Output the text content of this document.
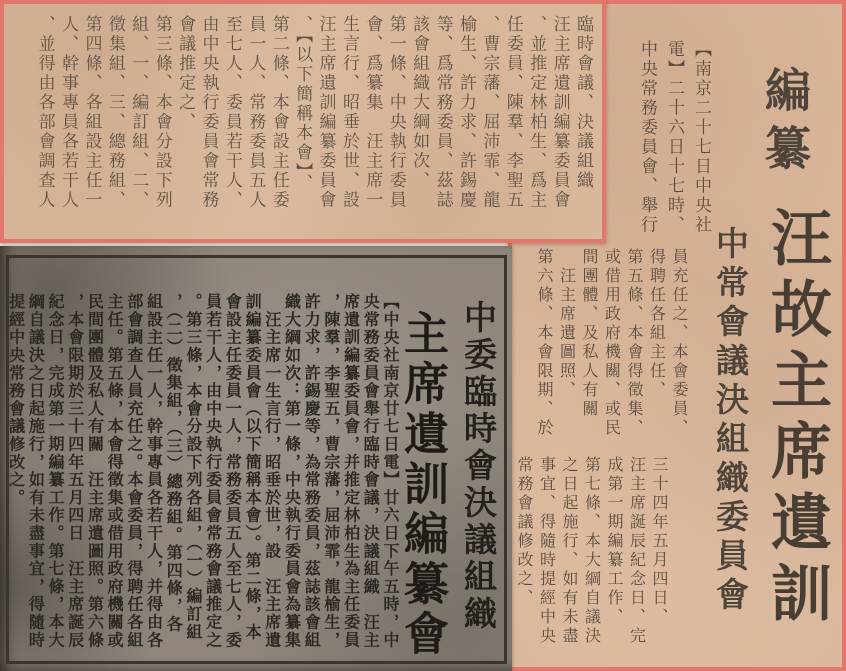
臨時會議、決議組織
汪主席遺訓編纂委員會
、並推定林柏生、爲主
任委員、陳羣、李聖五
、曹宗藩、屈沛霏、龍
榆生、許力求、許錫慶
等、爲常務委員、茲誌
該會組織大綱如次、
第一條、中央執行委員
會、爲纂集　汪主席一
生言行、昭垂於世、設
汪主席遺訓編纂委員會
、【以下簡稱本會】、
第二條、本會設主任委
員一人、常務委員五人
至七人、委員若干人、
由中央執行委員會常務
會議推定之、
第三條、本會分設下列
組、一、編訂組、二、
徵集組、三、總務組、
第四條、各組設主任一
人、幹事專員各若干人
、並得由各部會調查人	編纂
汪故主席遺訓
中常會議決組織委員會
【南京二十七日中央社
電】二十六日十七時、
中央常務委員會、舉行
員充任之、本會委員、
得聘任各組主任、
第五條、本會得徵集、
或借用政府機關、或民
間團體、及私人有關
　汪主席遺圖照、
第六條、本會限期、於
三十四年五月四日、
汪主席誕辰紀念日、完
成第一期編纂工作、
第七條、本大綱自議決
之日起施行、如有未盡
事宜、得隨時提經中央
常務會議修改之、
中委臨時會決議組織
主席遺訓編纂會
【中央社南京廿七日電】廿六日下午五時，中
央常務委員會舉行臨時會議，決議組織　汪主
席遺訓編纂委員會，并推定林柏生為主任委員
，陳羣，李聖五，曹宗藩，屈沛霏，龍榆生，
許力求，許錫慶等，為常務委員，茲誌該會組
織大綱如次：第一條，中央執行委員會為纂集
　汪主席一生言行，昭垂於世，設　汪主席遺
訓編纂委員會（以下簡稱本會）。第二條，本
會設主任委員一人，常務委員五人至七人，委
員若干人，由中央執行委員會常務會議推定之
。第三條，本會分設下列各組，（一）編訂組
，（二）徵集組，（三）總務組。第四條，各
組設主任一人，幹事專員各若干人，并得由各
部會調查人員充任之。本會委員，得聘任各組
主任。第五條，本會得徵集或借用政府機關或
民間團體及私人有關　汪主席遺圖照。第六條
，本會限期於三十四年五月四日　汪主席誕辰
紀念日，完成第一期編纂工作。第七條，本大
綱自議決之日起施行，如有未盡事宜，得隨時
提經中央常務會議修改之。
